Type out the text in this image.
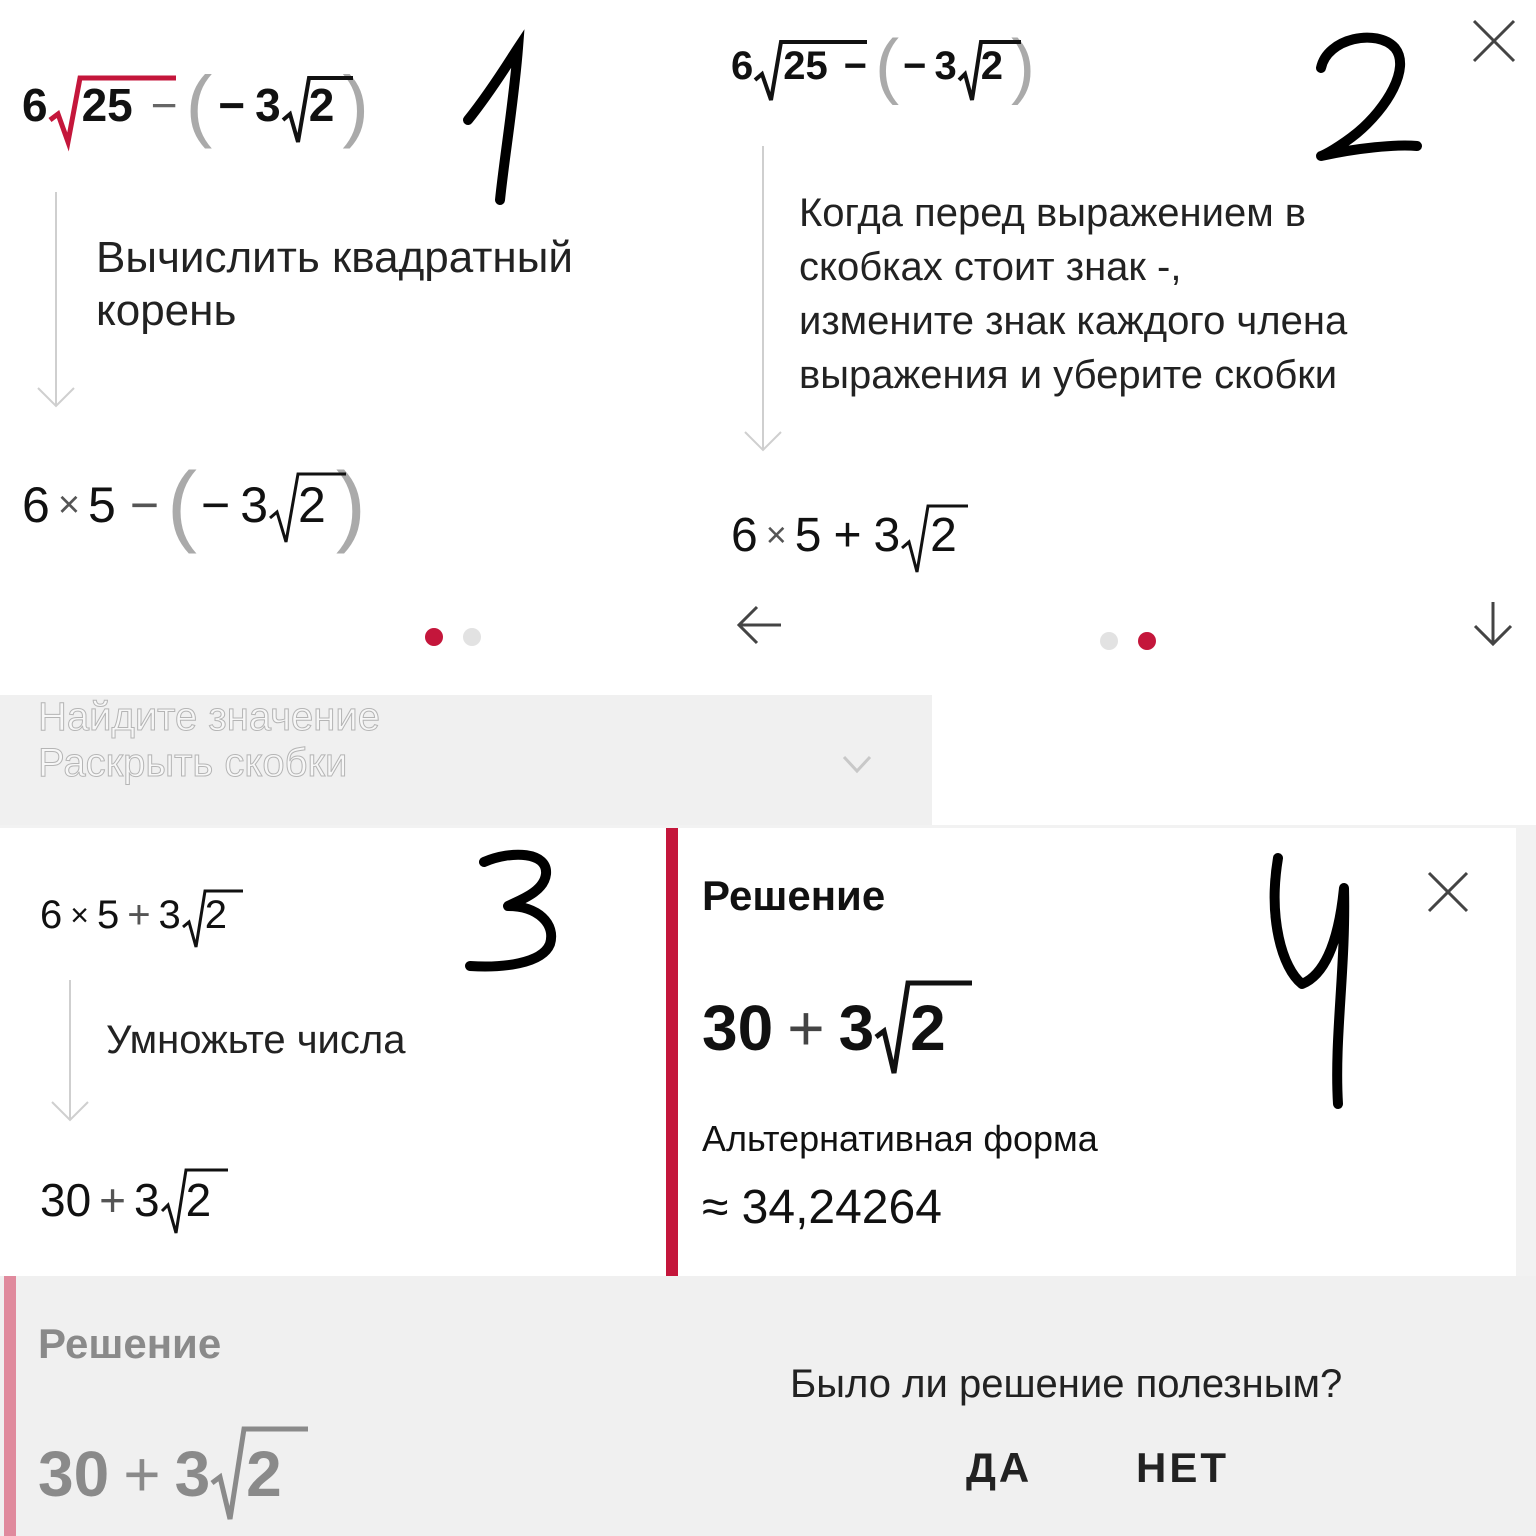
6 25 − ( − 3 2 )
Вычислить квадратный корень
6 × 5 − ( − 3 2 )
6 25 − ( − 3 2 )
Когда перед выражением в
скобках стоит знак -,
измените знак каждого члена
выражения и уберите скобки
6 × 5 + 3 2
Найдите значение
Раскрыть скобки
6 × 5 + 3 2
Умножьте числа
30 + 3 2
Решение
30 + 3 2
Альтернативная форма
≈ 34,24264
Решение
30 + 3 2
Было ли решение полезным?
ДА НЕТ
